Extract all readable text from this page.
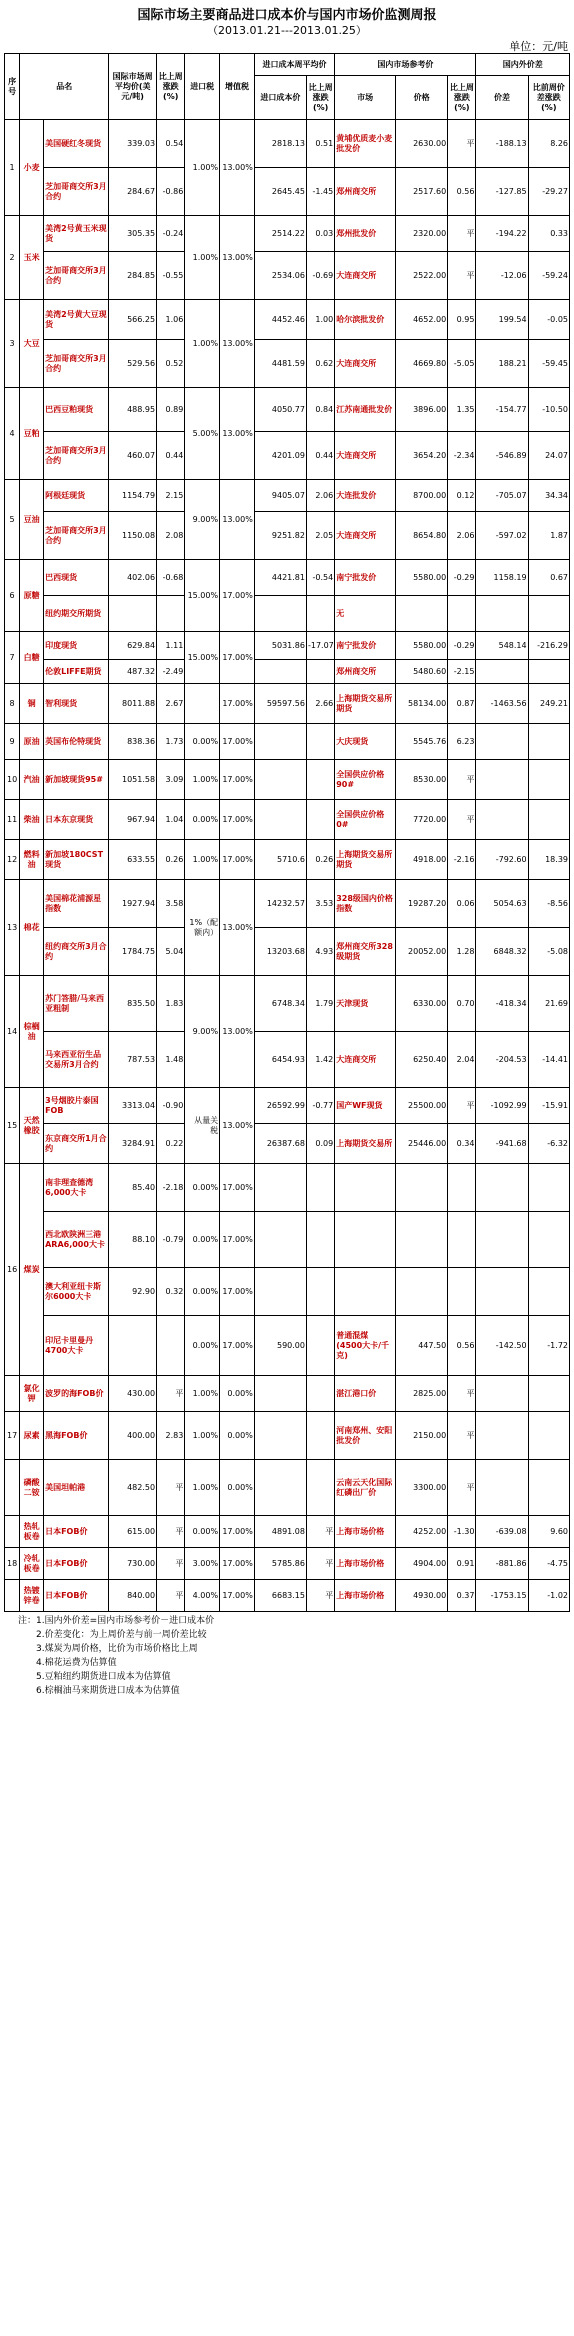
国际市场主要商品进口成本价与国内市场价监测周报
（2013.01.21---2013.01.25）
单位：元/吨
序号	品名		国际市场周平均价(美元/吨)	比上周涨跌(%)	进口税	增值税	进口成本周平均价		国内市场参考价			国内外价差	
							进口成本价	比上周涨跌(%)	市场	价格	比上周涨跌(%)	价差	比前周价差涨跌(%)
1	小麦	美国硬红冬现货	339.03	0.54	1.00%	13.00%	2818.13	0.51	黄埔优质麦小麦批发价	2630.00	平	-188.13	8.26
		芝加哥商交所3月合约	284.67	-0.86			2645.45	-1.45	郑州商交所	2517.60	0.56	-127.85	-29.27
2	玉米	美湾2号黄玉米现货	305.35	-0.24	1.00%	13.00%	2514.22	0.03	郑州批发价	2320.00	平	-194.22	0.33
		芝加哥商交所3月合约	284.85	-0.55			2534.06	-0.69	大连商交所	2522.00	平	-12.06	-59.24
3	大豆	美湾2号黄大豆现货	566.25	1.06	1.00%	13.00%	4452.46	1.00	哈尔滨批发价	4652.00	0.95	199.54	-0.05
		芝加哥商交所3月合约	529.56	0.52			4481.59	0.62	大连商交所	4669.80	-5.05	188.21	-59.45
4	豆粕	巴西豆粕现货	488.95	0.89	5.00%	13.00%	4050.77	0.84	江苏南通批发价	3896.00	1.35	-154.77	-10.50
		芝加哥商交所3月合约	460.07	0.44			4201.09	0.44	大连商交所	3654.20	-2.34	-546.89	24.07
5	豆油	阿根廷现货	1154.79	2.15	9.00%	13.00%	9405.07	2.06	大连批发价	8700.00	0.12	-705.07	34.34
		芝加哥商交所3月合约	1150.08	2.08			9251.82	2.05	大连商交所	8654.80	2.06	-597.02	1.87
6	原糖	巴西现货	402.06	-0.68	15.00%	17.00%	4421.81	-0.54	南宁批发价	5580.00	-0.29	1158.19	0.67
		纽约期交所期货							无				
7	白糖	印度现货	629.84	1.11	15.00%	17.00%	5031.86	-17.07	南宁批发价	5580.00	-0.29	548.14	-216.29
		伦敦LIFFE期货	487.32	-2.49					郑州商交所	5480.60	-2.15		
8	铜	智利现货	8011.88	2.67		17.00%	59597.56	2.66	上海期货交易所期货	58134.00	0.87	-1463.56	249.21
9	原油	英国布伦特现货	838.36	1.73	0.00%	17.00%			大庆现货	5545.76	6.23		
10	汽油	新加坡现货95#	1051.58	3.09	1.00%	17.00%			全国供应价格90#	8530.00	平		
11	柴油	日本东京现货	967.94	1.04	0.00%	17.00%			全国供应价格0#	7720.00	平		
12	燃料油	新加坡180CST现货	633.55	0.26	1.00%	17.00%	5710.6	0.26	上海期货交易所期货	4918.00	-2.16	-792.60	18.39
13	棉花	美国棉花浦源星指数	1927.94	3.58	1%（配额内）	13.00%	14232.57	3.53	328级国内价格指数	19287.20	0.06	5054.63	-8.56
		纽约商交所3月合约	1784.75	5.04			13203.68	4.93	郑州商交所328级期货	20052.00	1.28	6848.32	-5.08
14	棕榈油	苏门答腊/马来西亚粗制	835.50	1.83	9.00%	13.00%	6748.34	1.79	天津现货	6330.00	0.70	-418.34	21.69
		马来西亚衍生品交易所3月合约	787.53	1.48			6454.93	1.42	大连商交所	6250.40	2.04	-204.53	-14.41
15	天然橡胶	3号烟胶片泰国FOB	3313.04	-0.90	从量关税	13.00%	26592.99	-0.77	国产WF现货	25500.00	平	-1092.99	-15.91
		东京商交所1月合约	3284.91	0.22			26387.68	0.09	上海期货交易所	25446.00	0.34	-941.68	-6.32
16	煤炭	南非理查德湾6,000大卡	85.40	-2.18	0.00%	17.00%							
		西北欧陕洲三港ARA6,000大卡	88.10	-0.79	0.00%	17.00%							
		澳大利亚纽卡斯尔6000大卡	92.90	0.32	0.00%	17.00%							
		印尼卡里曼丹4700大卡			0.00%	17.00%	590.00		普通混煤(4500大卡/千克)	447.50	0.56	-142.50	-1.72
	氯化钾	波罗的海FOB价	430.00	平	1.00%	0.00%			湛江港口价	2825.00	平		
17	尿素	黑海FOB价	400.00	2.83	1.00%	0.00%			河南郑州、安阳批发价	2150.00	平		
	磷酸二铵	美国坦帕港	482.50	平	1.00%	0.00%			云南云天化国际红磷出厂价	3300.00	平		
	热轧板卷	日本FOB价	615.00	平	0.00%	17.00%	4891.08	平	上海市场价格	4252.00	-1.30	-639.08	9.60
18	冷轧板卷	日本FOB价	730.00	平	3.00%	17.00%	5785.86	平	上海市场价格	4904.00	0.91	-881.86	-4.75
	热镀锌卷	日本FOB价	840.00	平	4.00%	17.00%	6683.15	平	上海市场价格	4930.00	0.37	-1753.15	-1.02
注：1.国内外价差=国内市场参考价－进口成本价
2.价差变化：为上周价差与前一周价差比较
3.煤炭为周价格，比价为市场价格比上周
4.棉花运费为估算值
5.豆粕纽约期货进口成本为估算值
6.棕榈油马来期货进口成本为估算值
